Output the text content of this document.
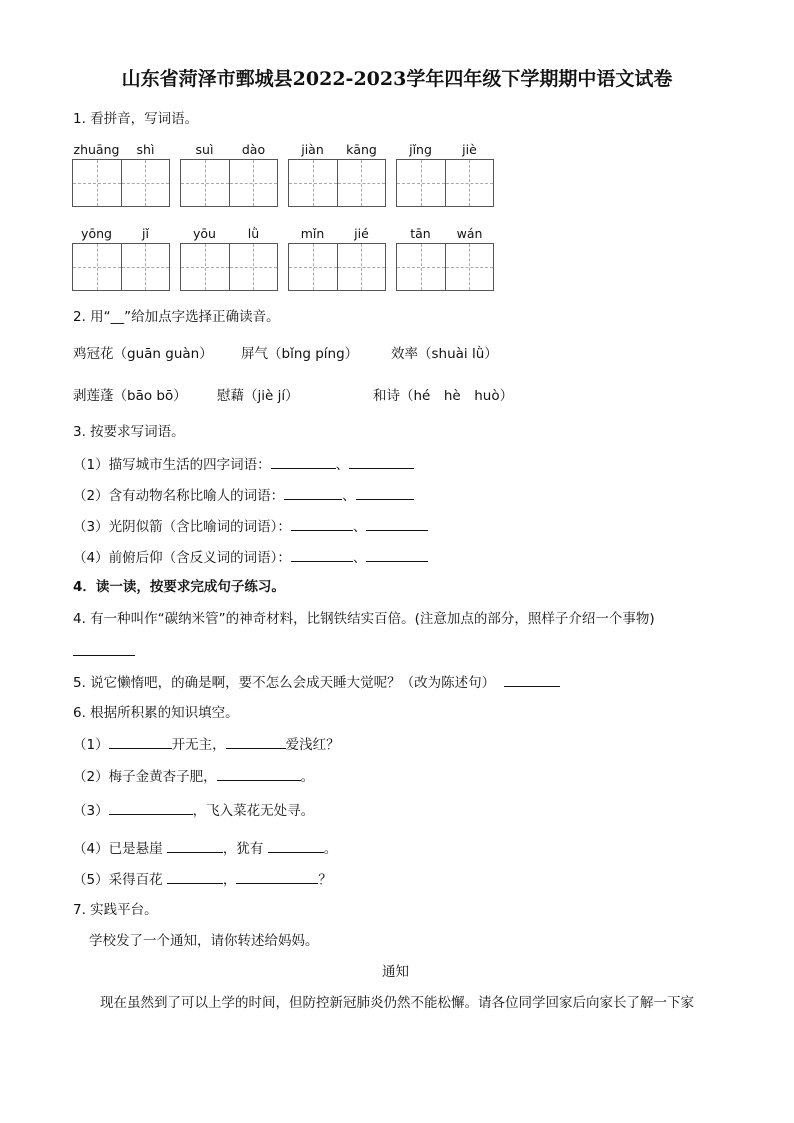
山东省菏泽市鄄城县2022-2023学年四年级下学期期中语文试卷
1. 看拼音，写词语。
zhuāng	shì	suì	dào	jiàn	kāng	jǐng	jiè
yōng	jǐ	yōu	lǜ	mǐn	jié	tān	wán
2. 用“__”给加点字选择正确读音。
鸡冠花（guān guàn） 屏气（bǐng píng） 效率（shuài lǜ）
剥莲蓬（bāo bō） 慰藉（jiè jí）	和诗（hé　hè　huò）
3. 按要求写词语。
（1）描写城市生活的四字词语：	、
（2）含有动物名称比喻人的词语：	、
（3）光阴似箭（含比喻词的词语）：	、
（4）前俯后仰（含反义词的词语）：	、
4．读一读，按要求完成句子练习。
4. 有一种叫作“碳纳米管”的神奇材料，比钢铁结实百倍。(注意加点的部分，照样子介绍一个事物)
5. 说它懒惰吧，的确是啊，要不怎么会成天睡大觉呢？（改为陈述句）
6. 根据所积累的知识填空。
（1）	开无主，	爱浅红？
（2）梅子金黄杏子肥，	。
（3）	，飞入菜花无处寻。
（4）已是悬崖	，犹有	。
（5）采得百花	，	？
7. 实践平台。
学校发了一个通知，请你转述给妈妈。
通知
现在虽然到了可以上学的时间，但防控新冠肺炎仍然不能松懈。请各位同学回家后向家长了解一下家
